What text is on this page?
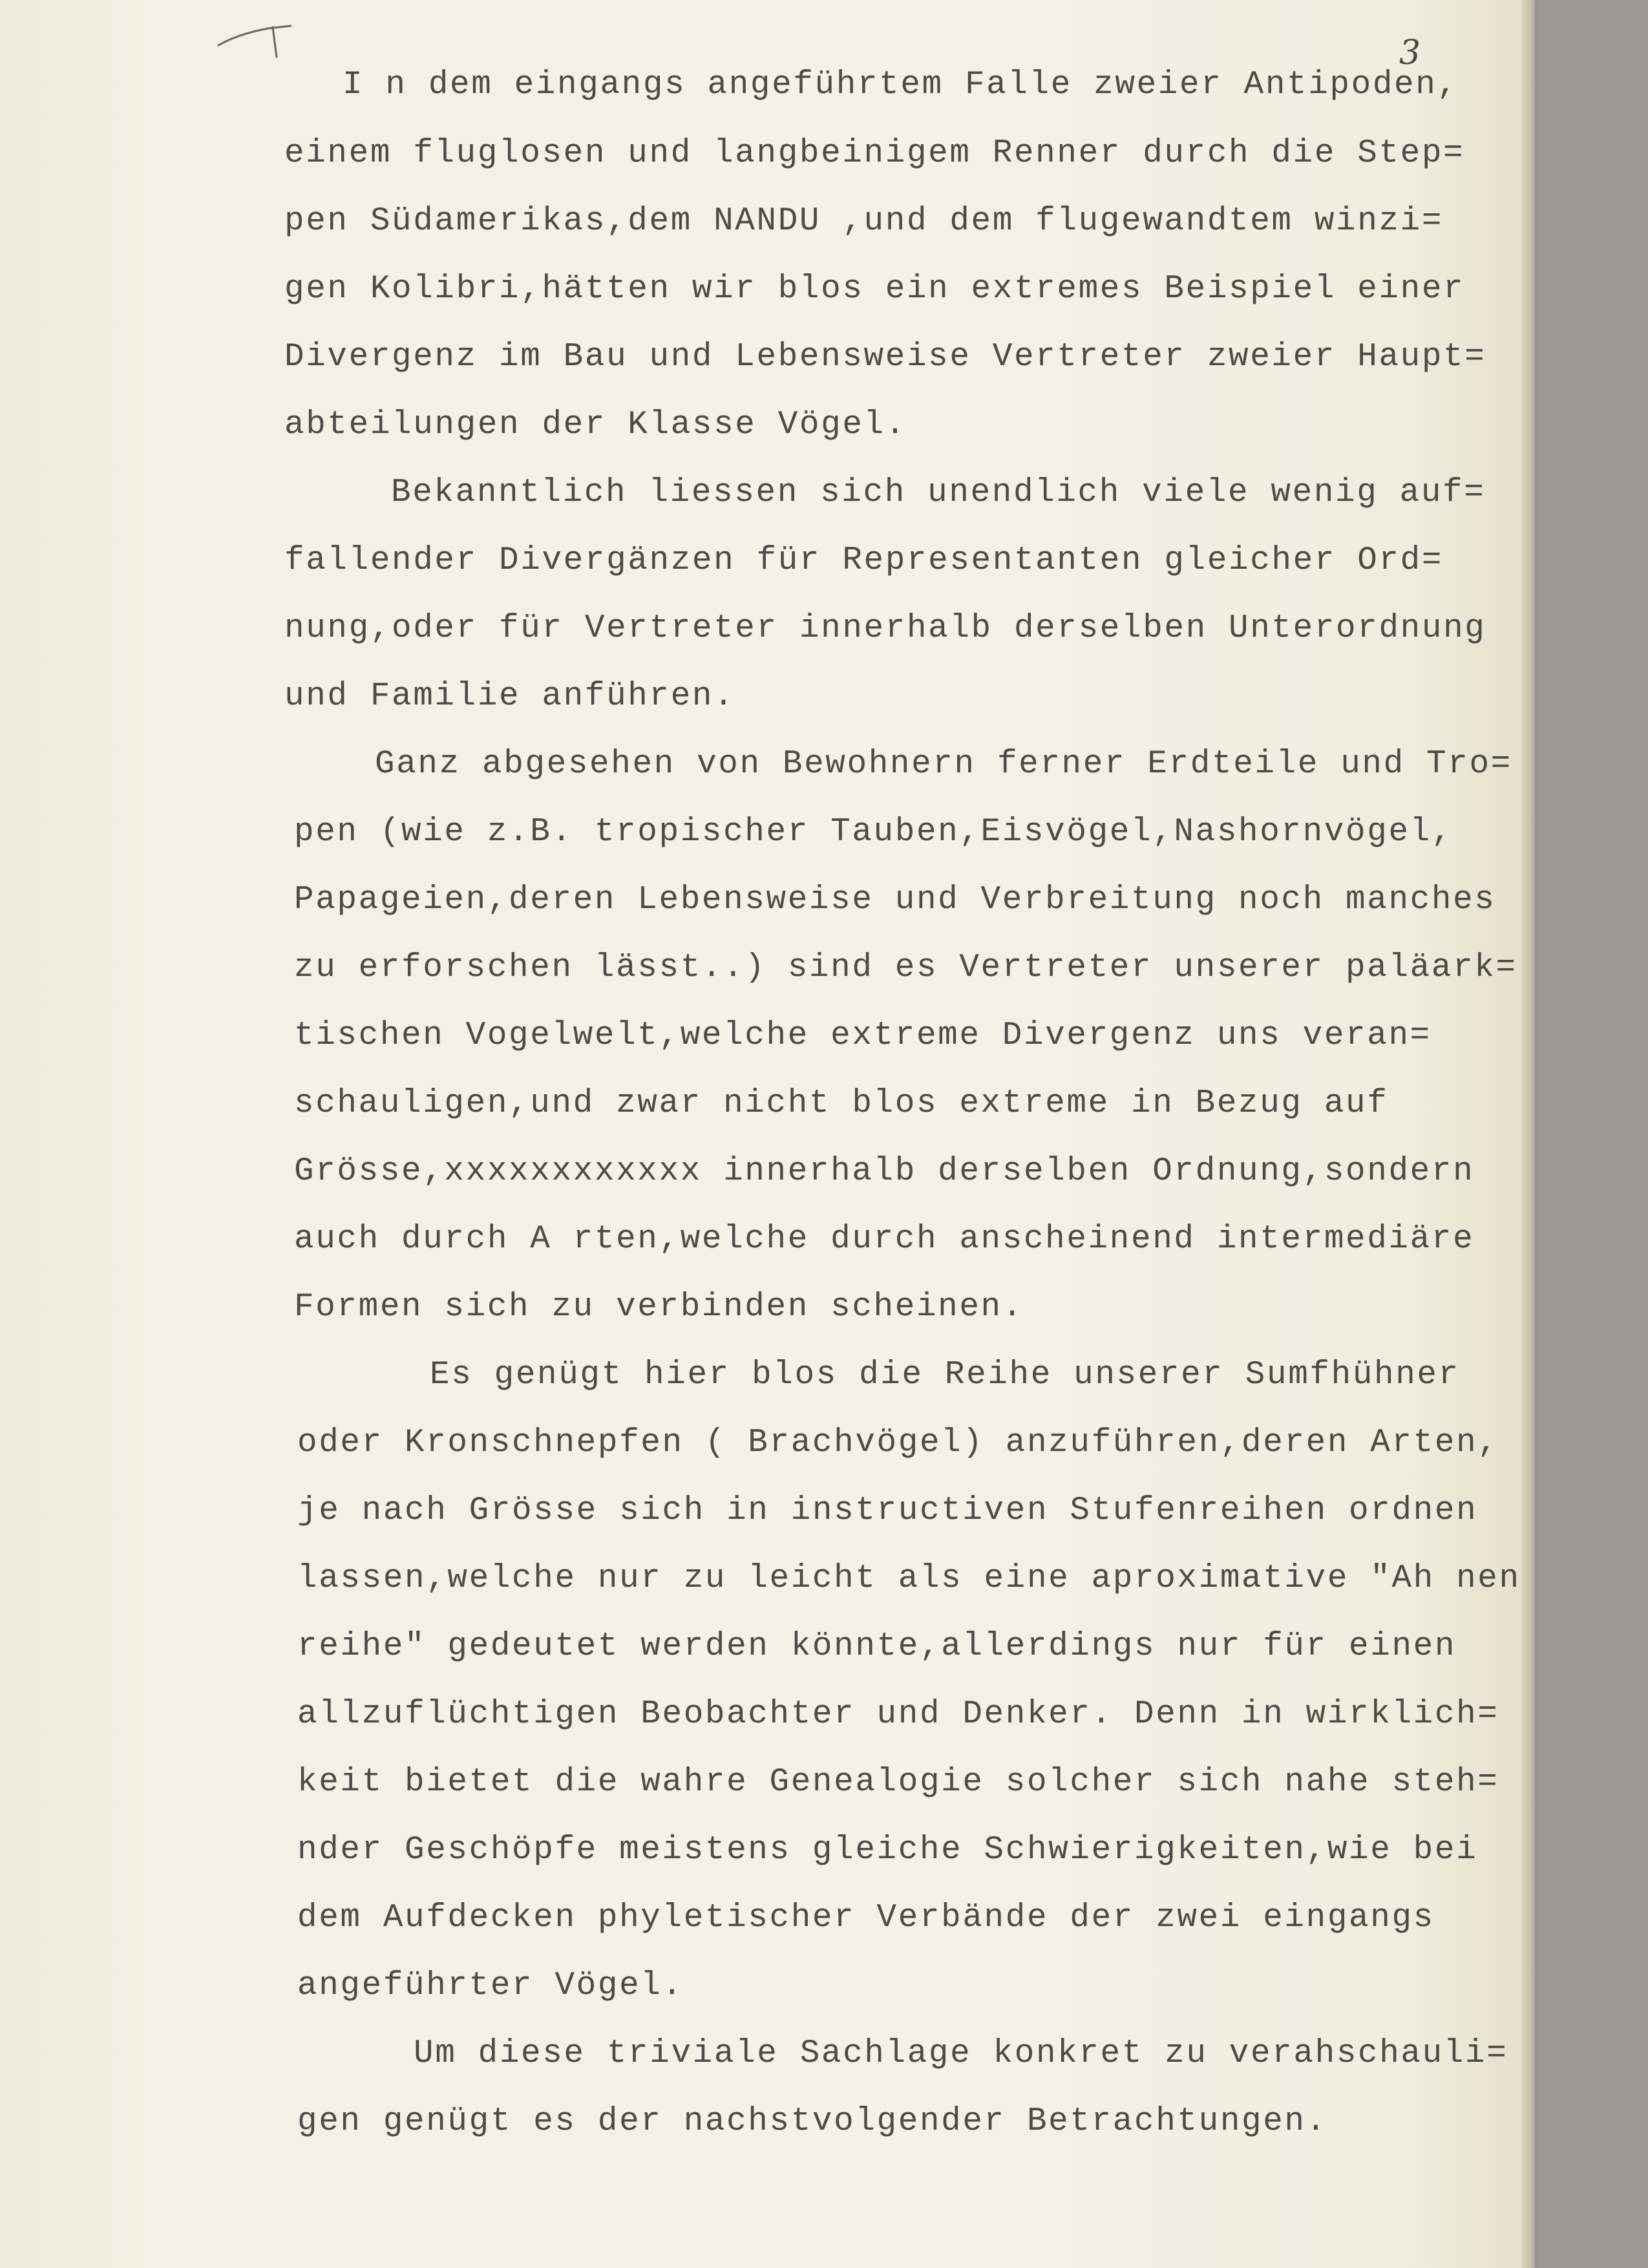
3
I n dem eingangs angeführtem Falle zweier Antipoden,
einem fluglosen und langbeinigem Renner durch die Step=
pen Südamerikas,dem NANDU ,und dem flugewandtem winzi=
gen Kolibri,hätten wir blos ein extremes Beispiel einer
Divergenz im Bau und Lebensweise Vertreter zweier Haupt=
abteilungen der Klasse Vögel.
Bekanntlich liessen sich unendlich viele wenig auf=
fallender Divergänzen für Representanten gleicher Ord=
nung,oder für Vertreter innerhalb derselben Unterordnung
und Familie anführen.
Ganz abgesehen von Bewohnern ferner Erdteile und Tro=
pen (wie z.B. tropischer Tauben,Eisvögel,Nashornvögel,
Papageien,deren Lebensweise und Verbreitung noch manches
zu erforschen lässt..) sind es Vertreter unserer paläark=
tischen Vogelwelt,welche extreme Divergenz uns veran=
schauligen,und zwar nicht blos extreme in Bezug auf
Grösse,xxxxxxxxxxxx innerhalb derselben Ordnung,sondern
auch durch A rten,welche durch anscheinend intermediäre
Formen sich zu verbinden scheinen.
Es genügt hier blos die Reihe unserer Sumfhühner
oder Kronschnepfen ( Brachvögel) anzuführen,deren Arten,
je nach Grösse sich in instructiven Stufenreihen ordnen
lassen,welche nur zu leicht als eine aproximative "Ah nen
reihe" gedeutet werden könnte,allerdings nur für einen
allzuflüchtigen Beobachter und Denker. Denn in wirklich=
keit bietet die wahre Genealogie solcher sich nahe steh=
nder Geschöpfe meistens gleiche Schwierigkeiten,wie bei
dem Aufdecken phyletischer Verbände der zwei eingangs
angeführter Vögel.
Um diese triviale Sachlage konkret zu verahschauli=
gen genügt es der nachstvolgender Betrachtungen.
